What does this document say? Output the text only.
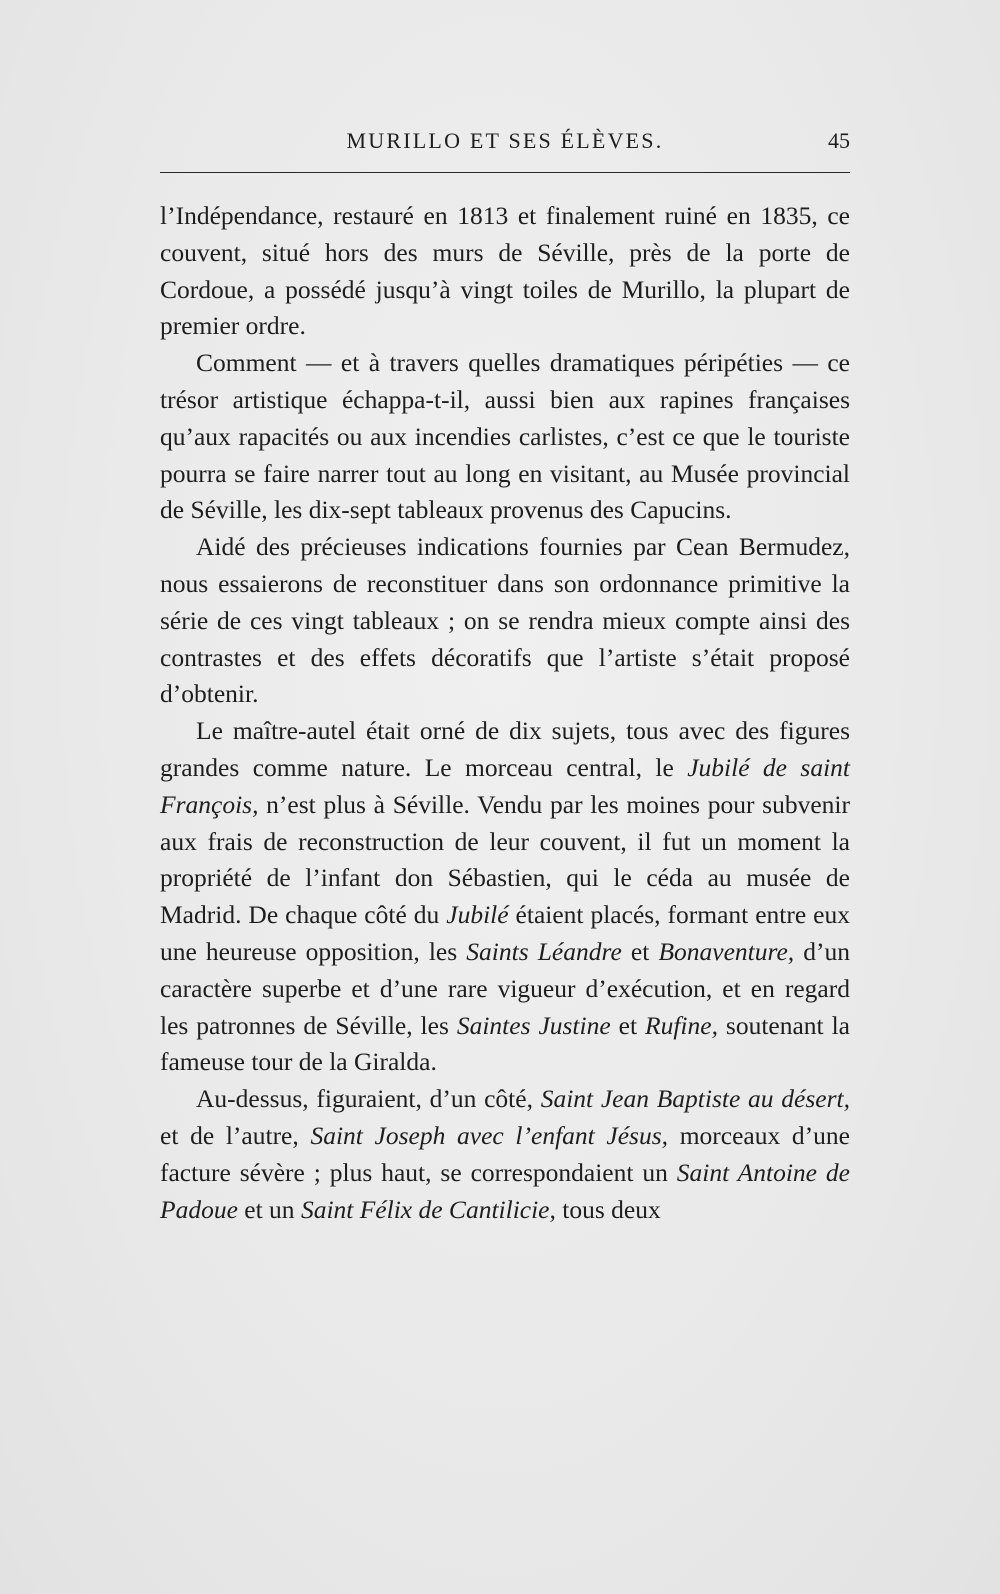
MURILLO ET SES ÉLÈVES.	45

l’Indépendance, restauré en 1813 et finalement ruiné en 1835, ce couvent, situé hors des murs de Séville, près de la porte de Cordoue, a possédé jusqu’à vingt toiles de Murillo, la plupart de premier ordre.

Comment — et à travers quelles dramatiques péripéties — ce trésor artistique échappa-t-il, aussi bien aux rapines françaises qu’aux rapacités ou aux incendies carlistes, c’est ce que le touriste pourra se faire narrer tout au long en visitant, au Musée provincial de Séville, les dix-sept tableaux provenus des Capucins.

Aidé des précieuses indications fournies par Cean Bermudez, nous essaierons de reconstituer dans son ordonnance primitive la série de ces vingt tableaux ; on se rendra mieux compte ainsi des contrastes et des effets décoratifs que l’artiste s’était proposé d’obtenir.

Le maître-autel était orné de dix sujets, tous avec des figures grandes comme nature. Le morceau central, le Jubilé de saint François, n’est plus à Séville. Vendu par les moines pour subvenir aux frais de reconstruction de leur couvent, il fut un moment la propriété de l’infant don Sébastien, qui le céda au musée de Madrid. De chaque côté du Jubilé étaient placés, formant entre eux une heureuse opposition, les Saints Léandre et Bonaventure, d’un caractère superbe et d’une rare vigueur d’exécution, et en regard les patronnes de Séville, les Saintes Justine et Rufine, soutenant la fameuse tour de la Giralda.

Au-dessus, figuraient, d’un côté, Saint Jean Baptiste au désert, et de l’autre, Saint Joseph avec l’enfant Jésus, morceaux d’une facture sévère ; plus haut, se correspondaient un Saint Antoine de Padoue et un Saint Félix de Cantilicie, tous deux
